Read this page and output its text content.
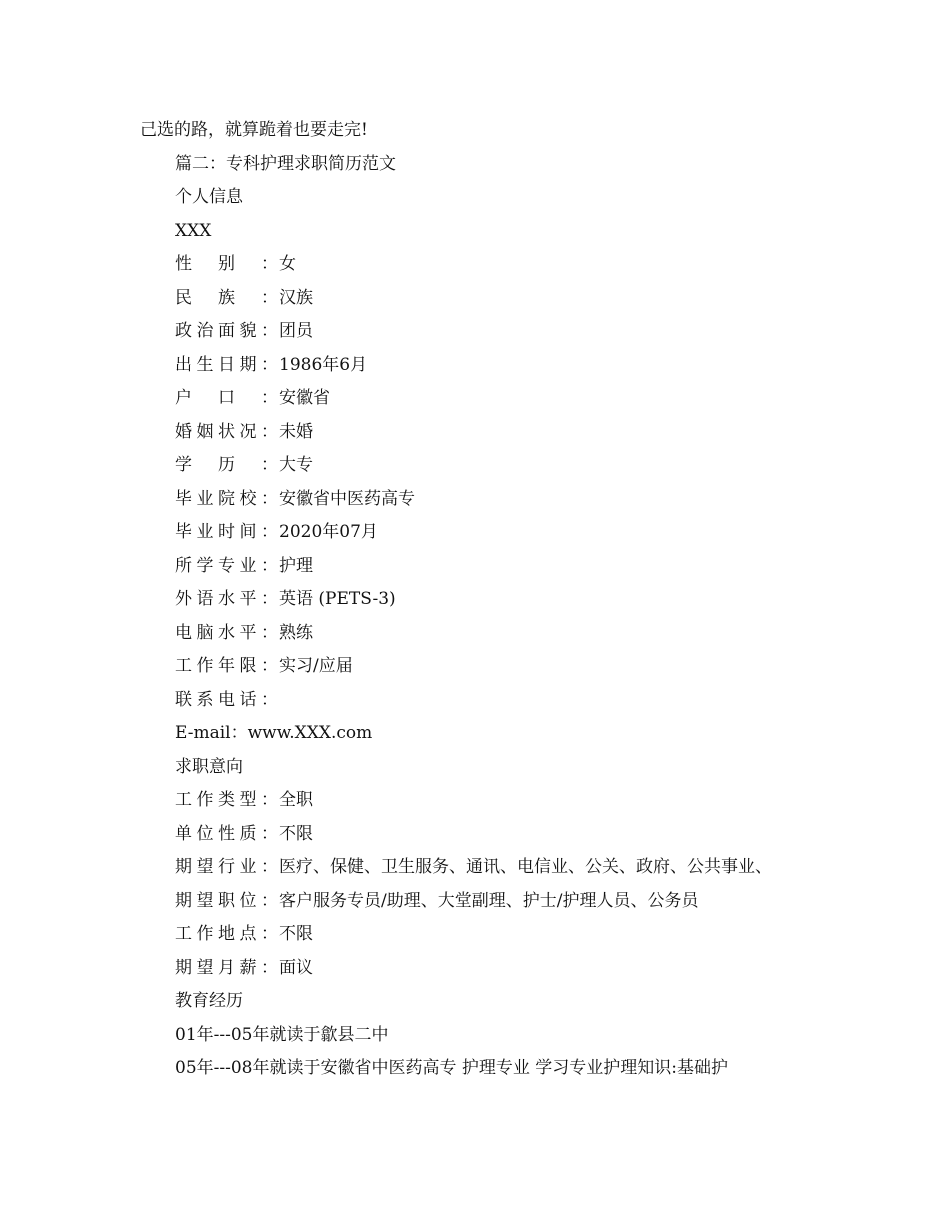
己选的路，就算跪着也要走完!
篇二：专科护理求职简历范文
个人信息
XXX
性 别 ： 女
民 族 ： 汉族
政 治 面 貌 ： 团员
出 生 日 期 ： 1986年6月
户 口 ： 安徽省
婚 姻 状 况 ： 未婚
学 历 ： 大专
毕 业 院 校 ： 安徽省中医药高专
毕 业 时 间 ： 2020年07月
所 学 专 业 ： 护理
外 语 水 平 ： 英语 (PETS-3)
电 脑 水 平 ： 熟练
工 作 年 限 ： 实习/应届
联 系 电 话 ：
E-mail：www.XXX.com
求职意向
工 作 类 型 ： 全职
单 位 性 质 ： 不限
期 望 行 业 ： 医疗、保健、卫生服务、通讯、电信业、公关、政府、公共事业、
期 望 职 位 ： 客户服务专员/助理、大堂副理、护士/护理人员、公务员
工 作 地 点 ： 不限
期 望 月 薪 ： 面议
教育经历
01年---05年就读于歙县二中
05年---08年就读于安徽省中医药高专 护理专业 学习专业护理知识:基础护
